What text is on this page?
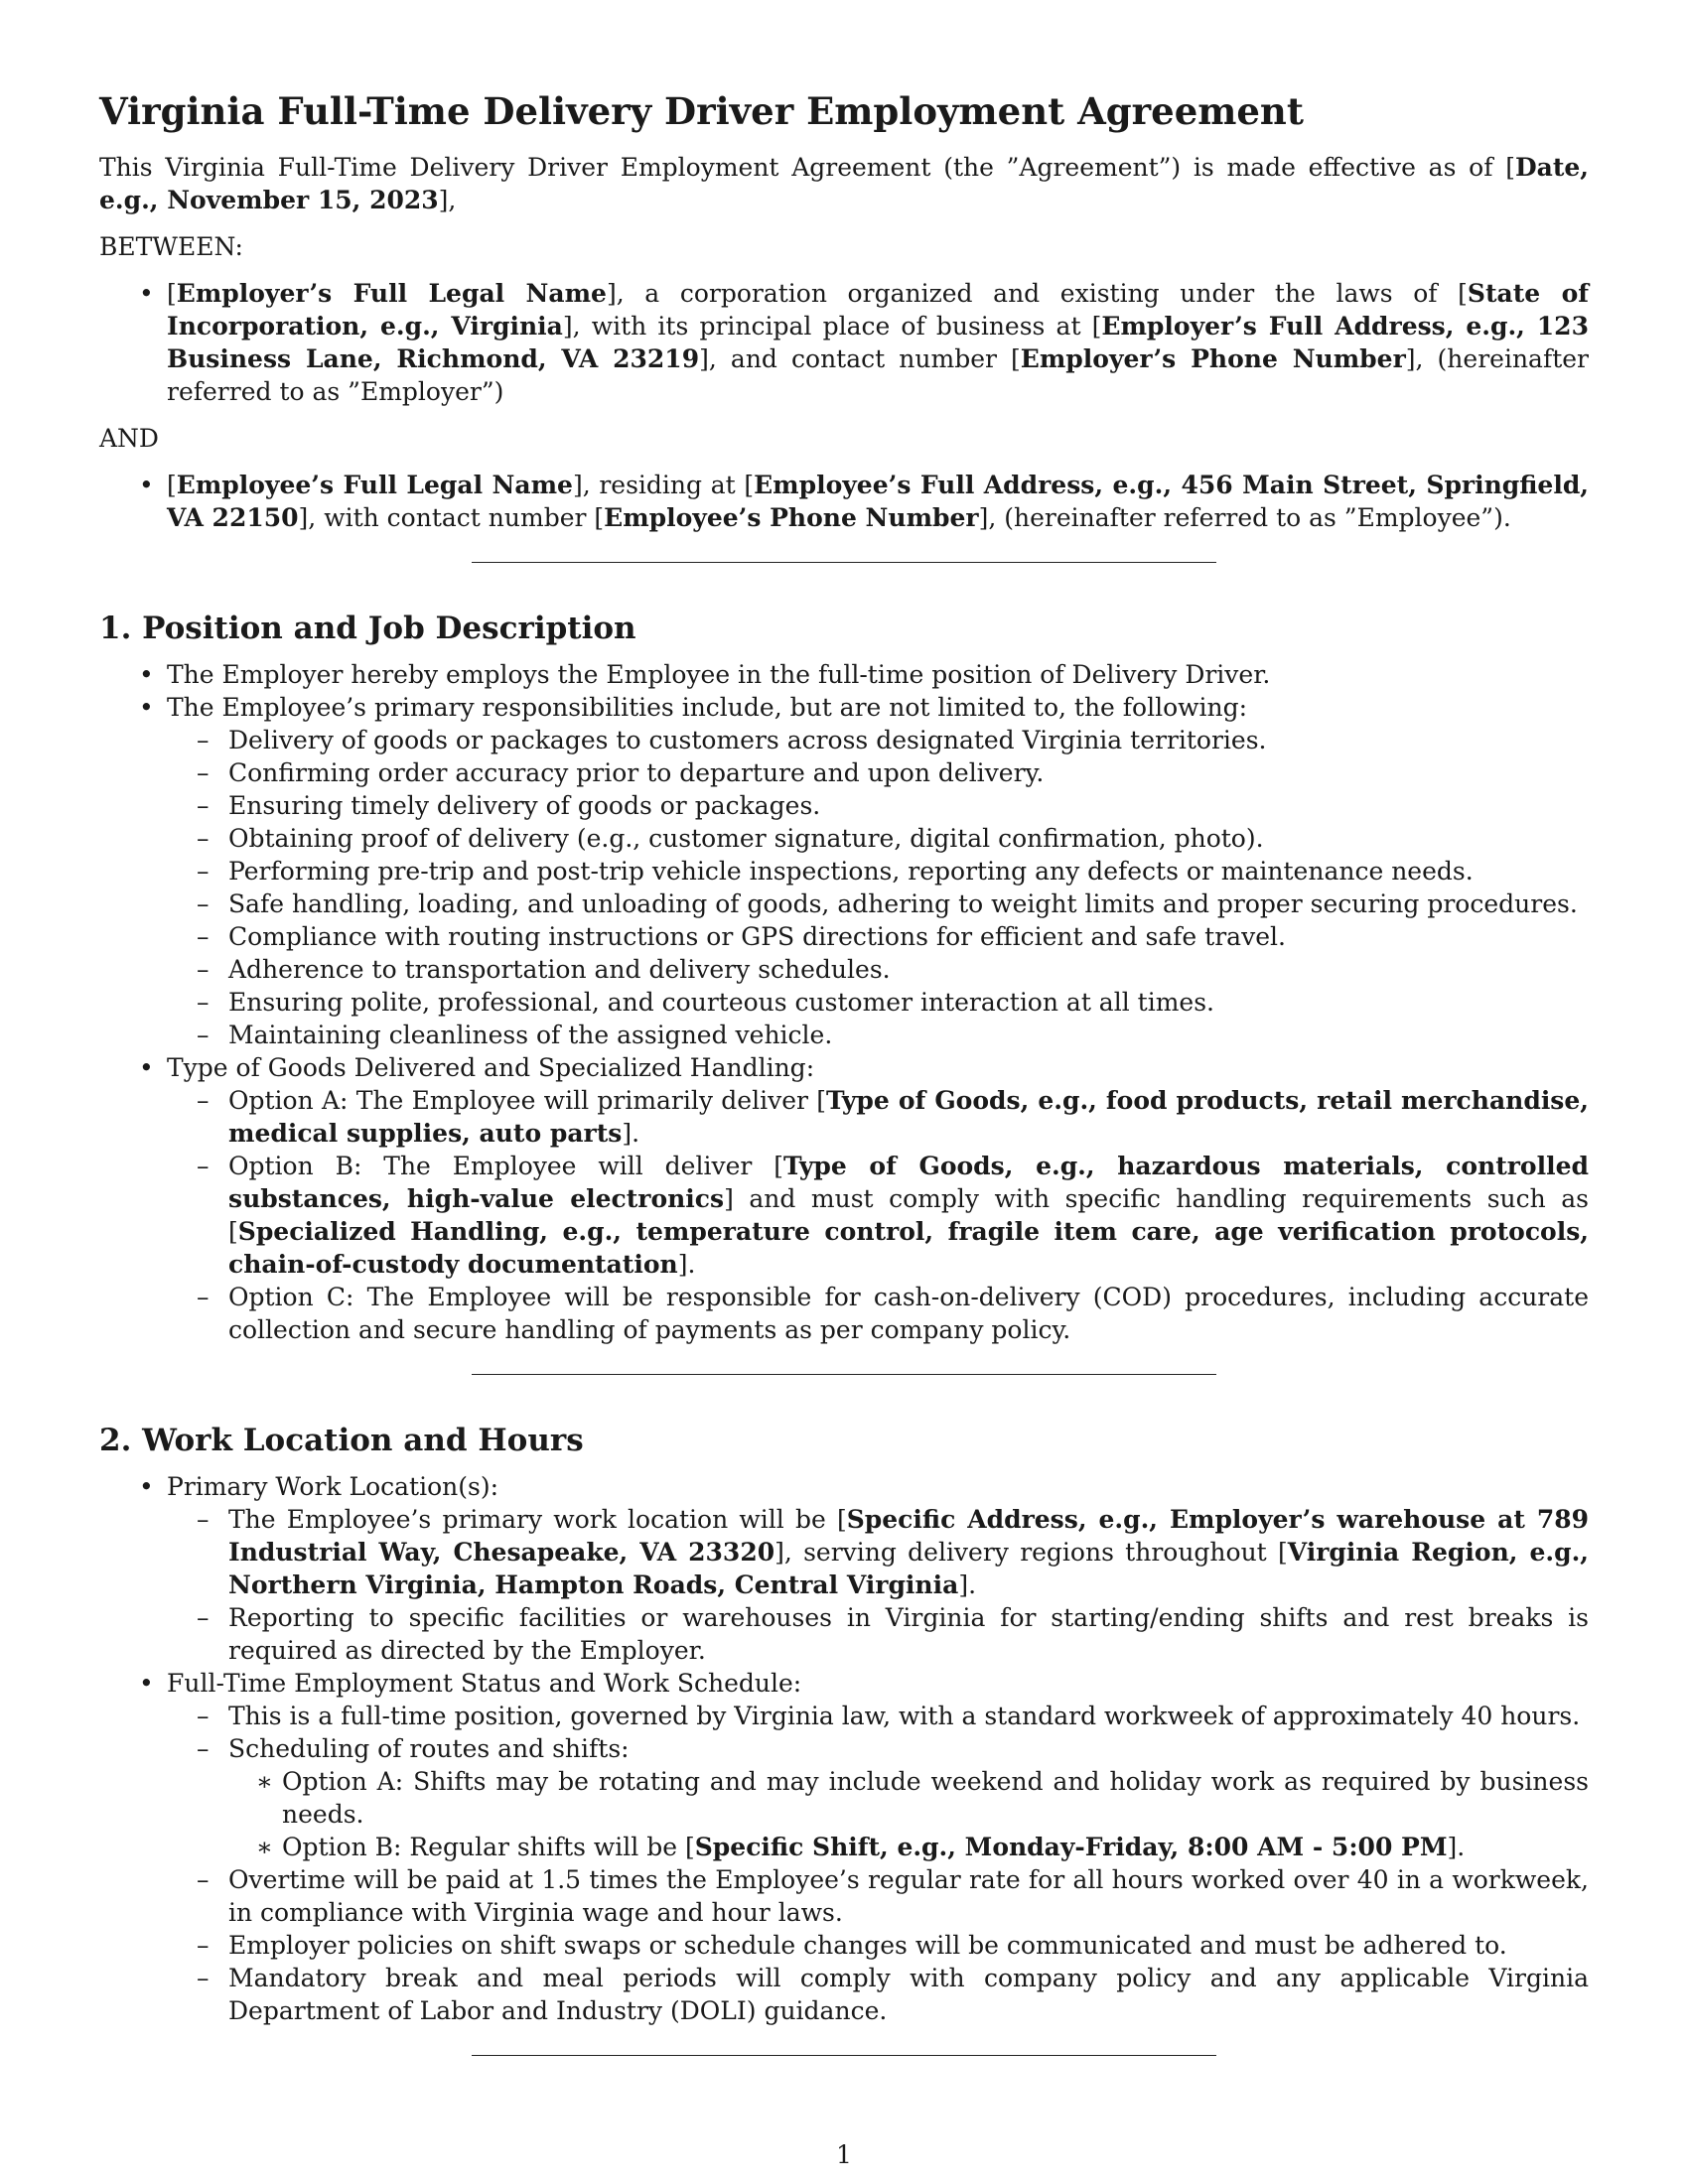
Virginia Full-Time Delivery Driver Employment Agreement

This Virginia Full-Time Delivery Driver Employment Agreement (the ”Agreement”) is made effective as of [Date, e.g., November 15, 2023],

BETWEEN:

• [Employer’s Full Legal Name], a corporation organized and existing under the laws of [State of Incorporation, e.g., Virginia], with its principal place of business at [Employer’s Full Address, e.g., 123 Business Lane, Richmond, VA 23219], and contact number [Employer’s Phone Number], (hereinafter referred to as ”Employer”)

AND

• [Employee’s Full Legal Name], residing at [Employee’s Full Address, e.g., 456 Main Street, Springfield, VA 22150], with contact number [Employee’s Phone Number], (hereinafter referred to as ”Employee”).
1. Position and Job Description
• The Employer hereby employs the Employee in the full-time position of Delivery Driver.
• The Employee’s primary responsibilities include, but are not limited to, the following:
– Delivery of goods or packages to customers across designated Virginia territories.
– Confirming order accuracy prior to departure and upon delivery.
– Ensuring timely delivery of goods or packages.
– Obtaining proof of delivery (e.g., customer signature, digital confirmation, photo).
– Performing pre-trip and post-trip vehicle inspections, reporting any defects or maintenance needs.
– Safe handling, loading, and unloading of goods, adhering to weight limits and proper securing procedures.
– Compliance with routing instructions or GPS directions for efficient and safe travel.
– Adherence to transportation and delivery schedules.
– Ensuring polite, professional, and courteous customer interaction at all times.
– Maintaining cleanliness of the assigned vehicle.
• Type of Goods Delivered and Specialized Handling:
– Option A: The Employee will primarily deliver [Type of Goods, e.g., food products, retail merchandise, medical supplies, auto parts].
– Option B: The Employee will deliver [Type of Goods, e.g., hazardous materials, controlled substances, high-value electronics] and must comply with specific handling requirements such as [Specialized Handling, e.g., temperature control, fragile item care, age verification protocols, chain-of-custody documentation].
– Option C: The Employee will be responsible for cash-on-delivery (COD) procedures, including accurate collection and secure handling of payments as per company policy.
2. Work Location and Hours
• Primary Work Location(s):
– The Employee’s primary work location will be [Specific Address, e.g., Employer’s warehouse at 789 Industrial Way, Chesapeake, VA 23320], serving delivery regions throughout [Virginia Region, e.g., Northern Virginia, Hampton Roads, Central Virginia].
– Reporting to specific facilities or warehouses in Virginia for starting/ending shifts and rest breaks is required as directed by the Employer.
• Full-Time Employment Status and Work Schedule:
– This is a full-time position, governed by Virginia law, with a standard workweek of approximately 40 hours.
– Scheduling of routes and shifts:
∗ Option A: Shifts may be rotating and may include weekend and holiday work as required by business needs.
∗ Option B: Regular shifts will be [Specific Shift, e.g., Monday-Friday, 8:00 AM - 5:00 PM].
– Overtime will be paid at 1.5 times the Employee’s regular rate for all hours worked over 40 in a workweek, in compliance with Virginia wage and hour laws.
– Employer policies on shift swaps or schedule changes will be communicated and must be adhered to.
– Mandatory break and meal periods will comply with company policy and any applicable Virginia Department of Labor and Industry (DOLI) guidance.
1
